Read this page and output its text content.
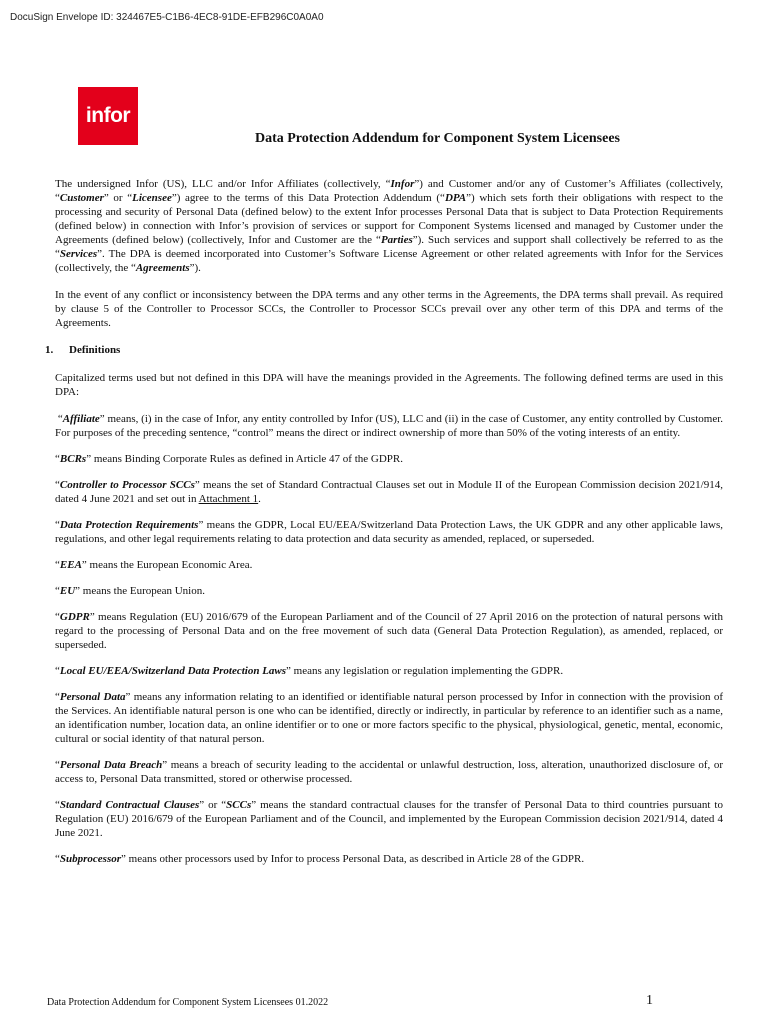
DocuSign Envelope ID: 324467E5-C1B6-4EC8-91DE-EFB296C0A0A0
infor
Data Protection Addendum for Component System Licensees

The undersigned Infor (US), LLC and/or Infor Affiliates (collectively, “Infor”) and Customer and/or any of Customer’s Affiliates (collectively, “Customer” or “Licensee”) agree to the terms of this Data Protection Addendum (“DPA”) which sets forth their obligations with respect to the processing and security of Personal Data (defined below) to the extent Infor processes Personal Data that is subject to Data Protection Requirements (defined below) in connection with Infor’s provision of services or support for Component Systems licensed and managed by Customer under the Agreements (defined below) (collectively, Infor and Customer are the “Parties”). Such services and support shall collectively be referred to as the “Services”. The DPA is deemed incorporated into Customer’s Software License Agreement or other related agreements with Infor for the Services (collectively, the “Agreements”).

In the event of any conflict or inconsistency between the DPA terms and any other terms in the Agreements, the DPA terms shall prevail. As required by clause 5 of the Controller to Processor SCCs, the Controller to Processor SCCs prevail over any other term of this DPA and terms of the Agreements.

1. Definitions

Capitalized terms used but not defined in this DPA will have the meanings provided in the Agreements. The following defined terms are used in this DPA:

“Affiliate” means, (i) in the case of Infor, any entity controlled by Infor (US), LLC and (ii) in the case of Customer, any entity controlled by Customer. For purposes of the preceding sentence, “control” means the direct or indirect ownership of more than 50% of the voting interests of an entity.

“BCRs” means Binding Corporate Rules as defined in Article 47 of the GDPR.

“Controller to Processor SCCs” means the set of Standard Contractual Clauses set out in Module II of the European Commission decision 2021/914, dated 4 June 2021 and set out in Attachment 1.

“Data Protection Requirements” means the GDPR, Local EU/EEA/Switzerland Data Protection Laws, the UK GDPR and any other applicable laws, regulations, and other legal requirements relating to data protection and data security as amended, replaced, or superseded.

“EEA” means the European Economic Area.

“EU” means the European Union.

“GDPR” means Regulation (EU) 2016/679 of the European Parliament and of the Council of 27 April 2016 on the protection of natural persons with regard to the processing of Personal Data and on the free movement of such data (General Data Protection Regulation), as amended, replaced, or superseded.

“Local EU/EEA/Switzerland Data Protection Laws” means any legislation or regulation implementing the GDPR.

“Personal Data” means any information relating to an identified or identifiable natural person processed by Infor in connection with the provision of the Services. An identifiable natural person is one who can be identified, directly or indirectly, in particular by reference to an identifier such as a name, an identification number, location data, an online identifier or to one or more factors specific to the physical, physiological, genetic, mental, economic, cultural or social identity of that natural person.

“Personal Data Breach” means a breach of security leading to the accidental or unlawful destruction, loss, alteration, unauthorized disclosure of, or access to, Personal Data transmitted, stored or otherwise processed.

“Standard Contractual Clauses” or “SCCs” means the standard contractual clauses for the transfer of Personal Data to third countries pursuant to Regulation (EU) 2016/679 of the European Parliament and of the Council, and implemented by the European Commission decision 2021/914, dated 4 June 2021.

“Subprocessor” means other processors used by Infor to process Personal Data, as described in Article 28 of the GDPR.

Data Protection Addendum for Component System Licensees 01.2022	1
